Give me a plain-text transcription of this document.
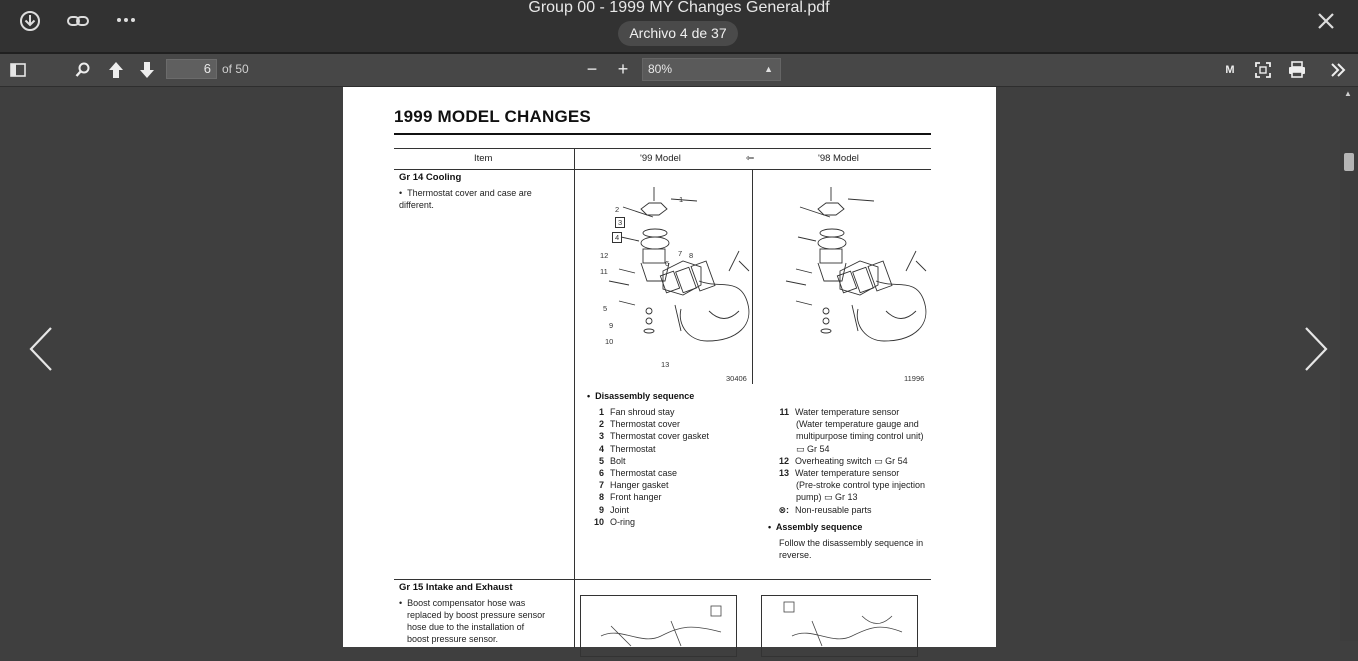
Group 00 - 1999 MY Changes General.pdf
Archivo 4 de 37
6 of 50	−	+	M
80%	▲

▲
1999 MODEL CHANGES
Item	'99 Model	⇦	'98 Model
Gr 14 Cooling
•  Thermostat cover and case are different.
30406	11996
1
2
3
4
5
6
7 8
9
10
11
12
13
•  Disassembly sequence
1 Fan shroud stay
2 Thermostat cover
3 Thermostat cover gasket
4 Thermostat
5 Bolt
6 Thermostat case
7 Hanger gasket
8 Front hanger
9 Joint
10 O-ring
11 Water temperature sensor
(Water temperature gauge and
multipurpose timing control unit)
▭ Gr 54
12 Overheating switch ▭ Gr 54
13 Water temperature sensor
(Pre-stroke control type injection
pump) ▭ Gr 13
⊗: Non-reusable parts
•  Assembly sequence
Follow the disassembly sequence in
reverse.
Gr 15 Intake and Exhaust
•  Boost compensator hose was
replaced by boost pressure sensor
hose due to the installation of
boost pressure sensor.
